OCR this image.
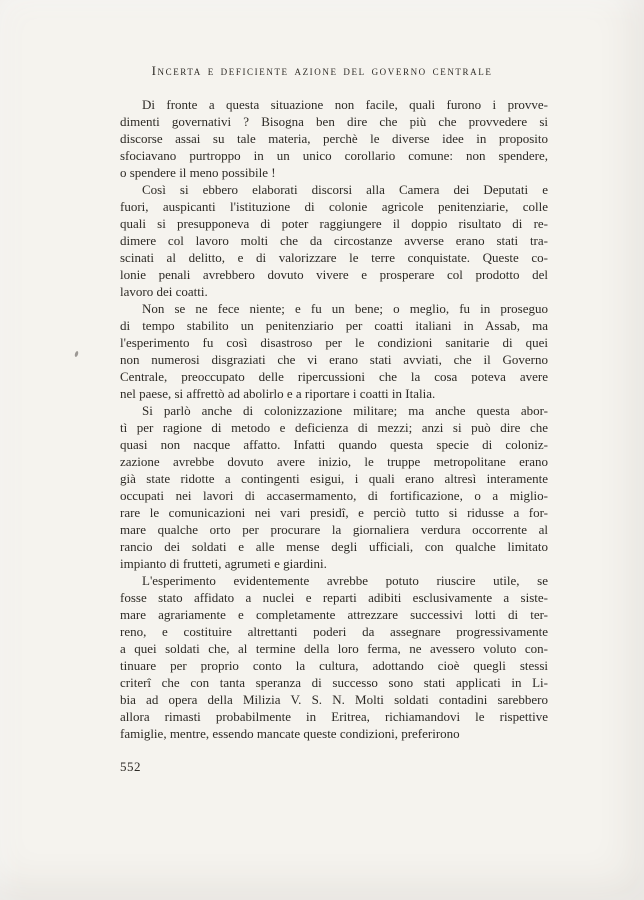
Incerta e deficiente azione del governo centrale

Di fronte a questa situazione non facile, quali furono i provve-
dimenti governativi ? Bisogna ben dire che più che provvedere si
discorse assai su tale materia, perchè le diverse idee in proposito
sfociavano purtroppo in un unico corollario comune: non spendere,
o spendere il meno possibile !

Così si ebbero elaborati discorsi alla Camera dei Deputati e
fuori, auspicanti l'istituzione di colonie agricole penitenziarie, colle
quali si presupponeva di poter raggiungere il doppio risultato di re-
dimere col lavoro molti che da circostanze avverse erano stati tra-
scinati al delitto, e di valorizzare le terre conquistate. Queste co-
lonie penali avrebbero dovuto vivere e prosperare col prodotto del
lavoro dei coatti.

Non se ne fece niente; e fu un bene; o meglio, fu in proseguo
di tempo stabilito un penitenziario per coatti italiani in Assab, ma
l'esperimento fu così disastroso per le condizioni sanitarie di quei
non numerosi disgraziati che vi erano stati avviati, che il Governo
Centrale, preoccupato delle ripercussioni che la cosa poteva avere
nel paese, si affrettò ad abolirlo e a riportare i coatti in Italia.

Si parlò anche di colonizzazione militare; ma anche questa abor-
tì per ragione di metodo e deficienza di mezzi; anzi si può dire che
quasi non nacque affatto. Infatti quando questa specie di coloniz-
zazione avrebbe dovuto avere inizio, le truppe metropolitane erano
già state ridotte a contingenti esigui, i quali erano altresì interamente
occupati nei lavori di accasermamento, di fortificazione, o a miglio-
rare le comunicazioni nei vari presidî, e perciò tutto si ridusse a for-
mare qualche orto per procurare la giornaliera verdura occorrente al
rancio dei soldati e alle mense degli ufficiali, con qualche limitato
impianto di frutteti, agrumeti e giardini.

L'esperimento evidentemente avrebbe potuto riuscire utile, se
fosse stato affidato a nuclei e reparti adibiti esclusivamente a siste-
mare agrariamente e completamente attrezzare successivi lotti di ter-
reno, e costituire altrettanti poderi da assegnare progressivamente
a quei soldati che, al termine della loro ferma, ne avessero voluto con-
tinuare per proprio conto la cultura, adottando cioè quegli stessi
criterî che con tanta speranza di successo sono stati applicati in Li-
bia ad opera della Milizia V. S. N. Molti soldati contadini sarebbero
allora rimasti probabilmente in Eritrea, richiamandovi le rispettive
famiglie, mentre, essendo mancate queste condizioni, preferirono

552
